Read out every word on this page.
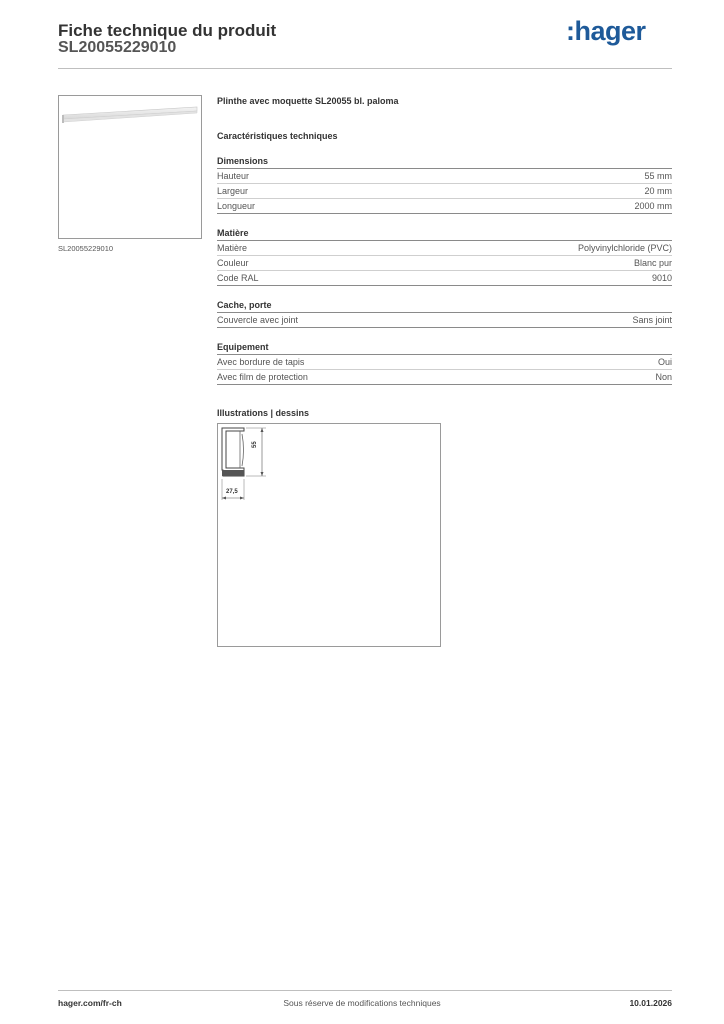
Fiche technique du produit
SL20055229010
:hager
SL20055229010
Plinthe avec moquette SL20055 bl. paloma
Caractéristiques techniques
Dimensions
Hauteur	55 mm
Largeur	20 mm
Longueur	2000 mm
Matière
Matière	Polyvinylchloride (PVC)
Couleur	Blanc pur
Code RAL	9010
Cache, porte
Couvercle avec joint	Sans joint
Equipement
Avec bordure de tapis	Oui
Avec film de protection	Non
Illustrations | dessins
55
27,5
hager.com/fr-ch	Sous réserve de modifications techniques	10.01.2026
